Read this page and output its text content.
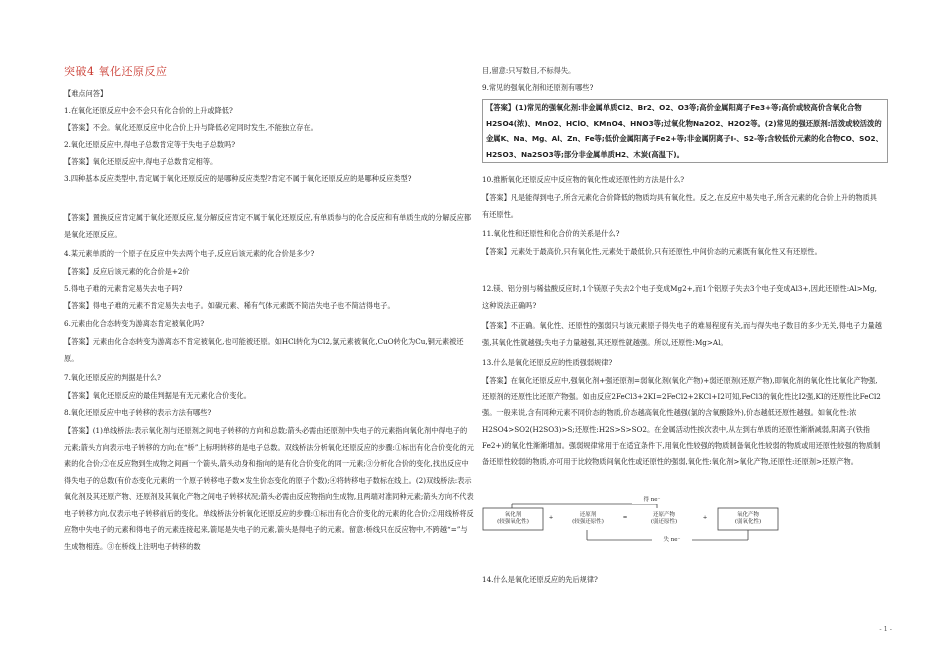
突破4 氧化还原反应
【难点问答】
1.在氧化还原反应中会不会只有化合价的上升或降低?
【答案】不会。氧化还原反应中化合价上升与降低必定同时发生,不能独立存在。
2.氧化还原反应中,得电子总数肯定等于失电子总数吗?
【答案】氧化还原反应中,得电子总数肯定相等。
3.四种基本反应类型中,肯定属于氧化还原反应的是哪种反应类型?肯定不属于氧化还原反应的是哪种反应类型?
【答案】置换反应肯定属于氧化还原反应,复分解反应肯定不属于氧化还原反应,有单质参与的化合反应和有单质生成的分解反应都是氧化还原反应。
4.某元素单质的一个原子在反应中失去两个电子,反应后该元素的化合价是多少?
【答案】反应后该元素的化合价是+2价
5.得电子难的元素肯定易失去电子吗?
【答案】得电子难的元素不肯定易失去电子。如碳元素、稀有气体元素既不简洁失电子也不简洁得电子。
6.元素由化合态转变为游离态肯定被氧化吗?
【答案】元素由化合态转变为游离态不肯定被氧化,也可能被还原。如HCl转化为Cl2,氯元素被氧化,CuO转化为Cu,铜元素被还原。
7.氧化还原反应的判据是什么?
【答案】氧化还原反应的最佳判据是有无元素化合价变化。
8.氧化还原反应中电子转移的表示方法有哪些?
【答案】(1)单线桥法:表示氧化剂与还原剂之间电子转移的方向和总数;箭头必需由还原剂中失电子的元素指向氧化剂中得电子的元素;箭头方向表示电子转移的方向;在“桥”上标明转移的是电子总数。双线桥法分析氧化还原反应的步骤:①标出有化合价变化的元素的化合价;②在反应物到生成物之间画一个箭头,箭头动身和指向的是有化合价变化的同一元素;③分析化合价的变化,找出反应中得失电子的总数(有价态变化元素的一个原子转移电子数×发生价态变化的原子个数);④将转移电子数标在线上。(2)双线桥法:表示氧化剂及其还原产物、还原剂及其氧化产物之间电子转移状况;箭头必需由反应物指向生成物,且两端对准同种元素;箭头方向不代表电子转移方向,仅表示电子转移前后的变化。单线桥法分析氧化还原反应的步骤:①标出有化合价变化的元素的化合价;②用线桥将反应物中失电子的元素和得电子的元素连接起来,箭尾是失电子的元素,箭头是得电子的元素。留意:桥线只在反应物中,不跨越“=”与生成物相连。③在桥线上注明电子转移的数
目,留意:只写数目,不标得失。
9.常见的强氧化剂和还原剂有哪些?
【答案】(1)常见的强氧化剂:非金属单质Cl2、Br2、O2、O3等;高价金属阳离子Fe3+等;高价或较高价含氧化合物H2SO4(浓)、MnO2、HClO、KMnO4、HNO3等;过氧化物Na2O2、H2O2等。(2)常见的强还原剂:活泼或较活泼的金属K、Na、Mg、Al、Zn、Fe等;低价金属阳离子Fe2+等;非金属阴离子I-、S2-等;含较低价元素的化合物CO、SO2、H2SO3、Na2SO3等;部分非金属单质H2、木炭(高温下)。
10.推断氧化还原反应中反应物的氧化性或还原性的方法是什么?
【答案】凡是能得到电子,所含元素化合价降低的物质均具有氧化性。反之,在反应中易失电子,所含元素的化合价上升的物质具有还原性。
11.氧化性和还原性和化合价的关系是什么?
【答案】元素处于最高价,只有氧化性,元素处于最低价,只有还原性,中间价态的元素既有氧化性又有还原性。
12.镁、铝分别与稀盐酸反应时,1个镁原子失去2个电子变成Mg2+,而1个铝原子失去3个电子变成Al3+,因此还原性:Al>Mg,这种说法正确吗?
【答案】不正确。氧化性、还原性的强弱只与该元素原子得失电子的难易程度有关,而与得失电子数目的多少无关,得电子力量越强,其氧化性就越强;失电子力量越强,其还原性就越强。所以,还原性:Mg>Al。
13.什么是氧化还原反应的性质强弱规律?
【答案】在氧化还原反应中,强氧化剂+强还原剂=弱氧化剂(氧化产物)+弱还原剂(还原产物),即氧化剂的氧化性比氧化产物强,还原剂的还原性比还原产物强。如由反应2FeCl3+2KI=2FeCl2+2KCl+I2可知,FeCl3的氧化性比I2强,KI的还原性比FeCl2强。一般来说,含有同种元素不同价态的物质,价态越高氧化性越强(氯的含氧酸除外),价态越低还原性越强。如氧化性:浓H2SO4>SO2(H2SO3)>S;还原性:H2S>S>SO2。在金属活动性挨次表中,从左到右单质的还原性渐渐减弱,阳离子(铁指Fe2+)的氧化性渐渐增加。强弱规律常用于在适宜条件下,用氧化性较强的物质制备氧化性较弱的物质或用还原性较强的物质制备还原性较弱的物质,亦可用于比较物质间氧化性或还原性的强弱,氧化性:氧化剂>氧化产物,还原性:还原剂>还原产物。
氧化剂
(较强氧化性)
+	还原剂
(较强还原性)
=	还原产物
(弱还原性)
+	氧化产物
(弱氧化性)
得 ne⁻
失 ne⁻
14.什么是氧化还原反应的先后规律?
- 1 -
